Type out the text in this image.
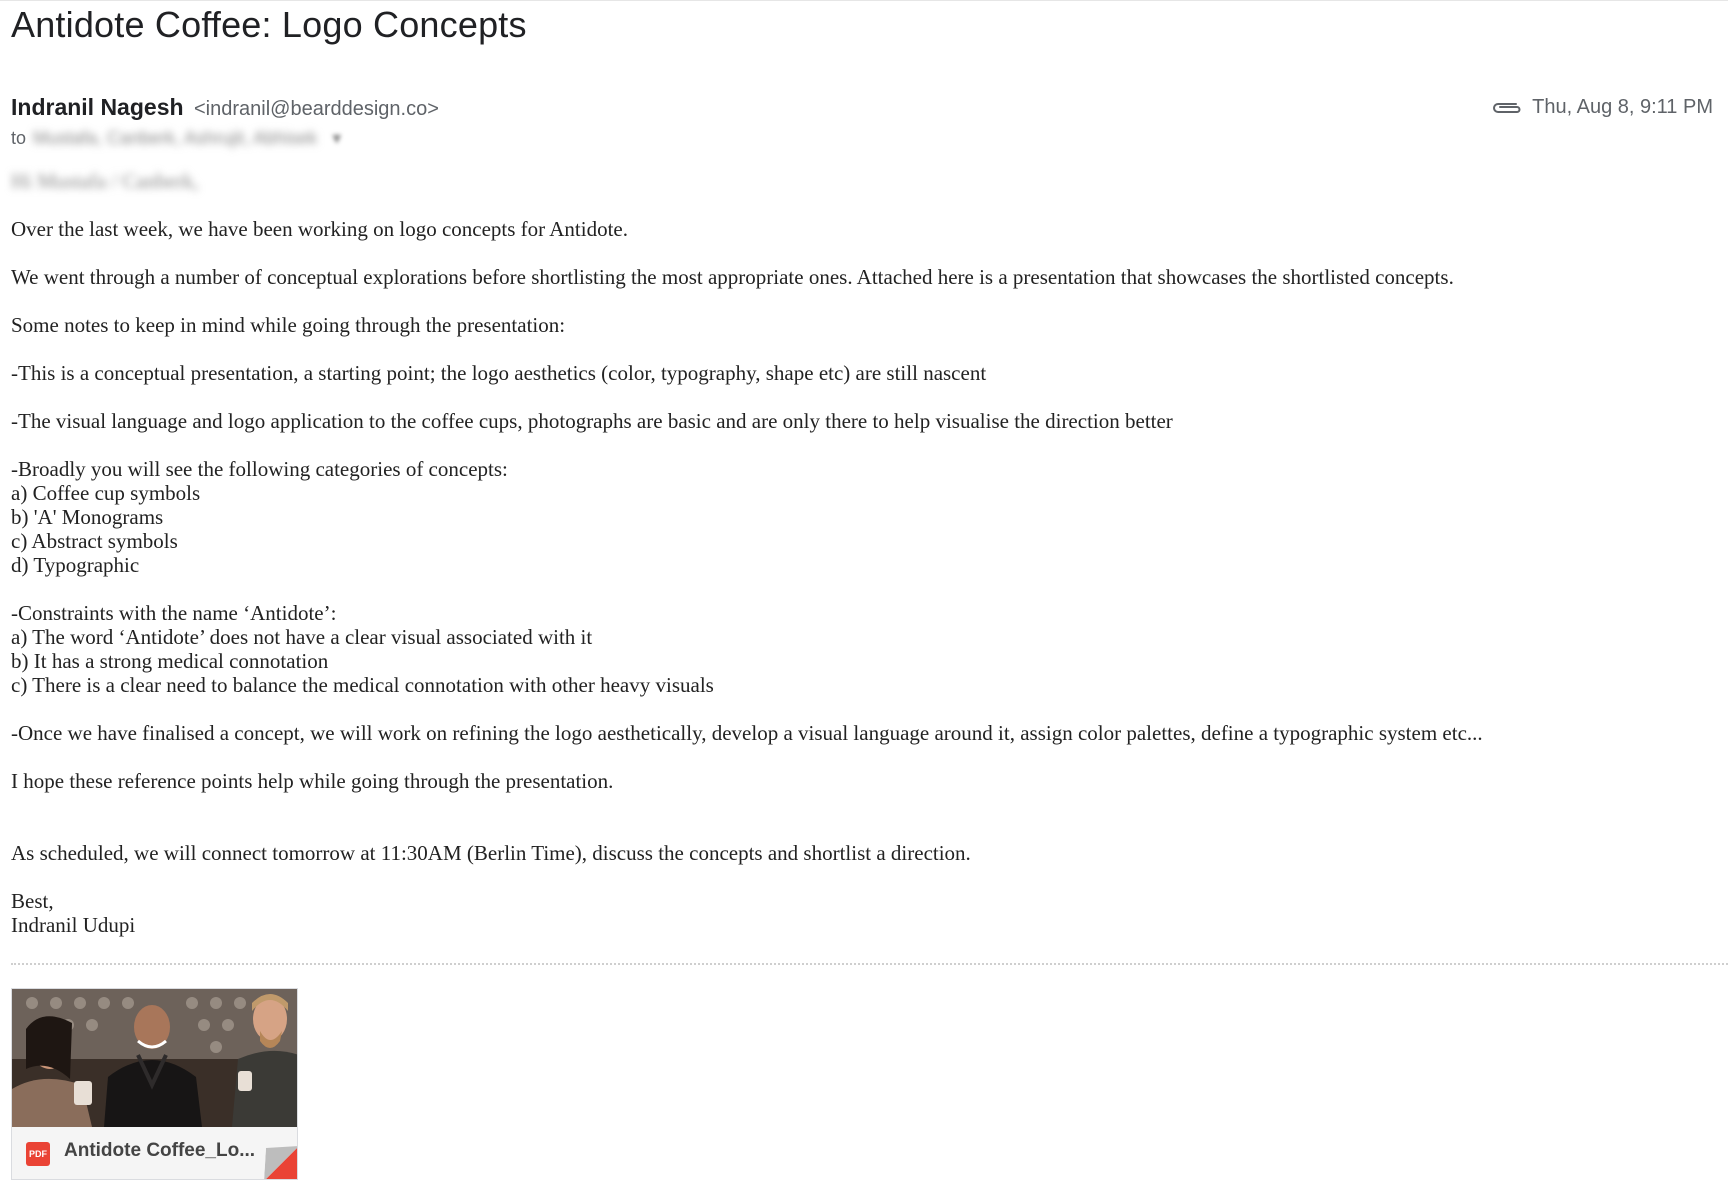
Antidote Coffee: Logo Concepts
Indranil Nagesh <indranil@bearddesign.co>	Thu, Aug 8, 9:11 PM
to Mustafa, Canberk, Ashrujit, Abhisek ▾
Hi Mustafa / Canberk,
Over the last week, we have been working on logo concepts for Antidote.
We went through a number of conceptual explorations before shortlisting the most appropriate ones. Attached here is a presentation that showcases the shortlisted concepts.
Some notes to keep in mind while going through the presentation:
-This is a conceptual presentation, a starting point; the logo aesthetics (color, typography, shape etc) are still nascent
-The visual language and logo application to the coffee cups, photographs are basic and are only there to help visualise the direction better
-Broadly you will see the following categories of concepts:
a) Coffee cup symbols
b) 'A' Monograms
c) Abstract symbols
d) Typographic
-Constraints with the name ‘Antidote’:
a) The word ‘Antidote’ does not have a clear visual associated with it
b) It has a strong medical connotation
c) There is a clear need to balance the medical connotation with other heavy visuals
-Once we have finalised a concept, we will work on refining the logo aesthetically, develop a visual language around it, assign color palettes, define a typographic system etc...
I hope these reference points help while going through the presentation.
As scheduled, we will connect tomorrow at 11:30AM (Berlin Time), discuss the concepts and shortlist a direction.
Best,
Indranil Udupi
PDF Antidote Coffee_Lo...
